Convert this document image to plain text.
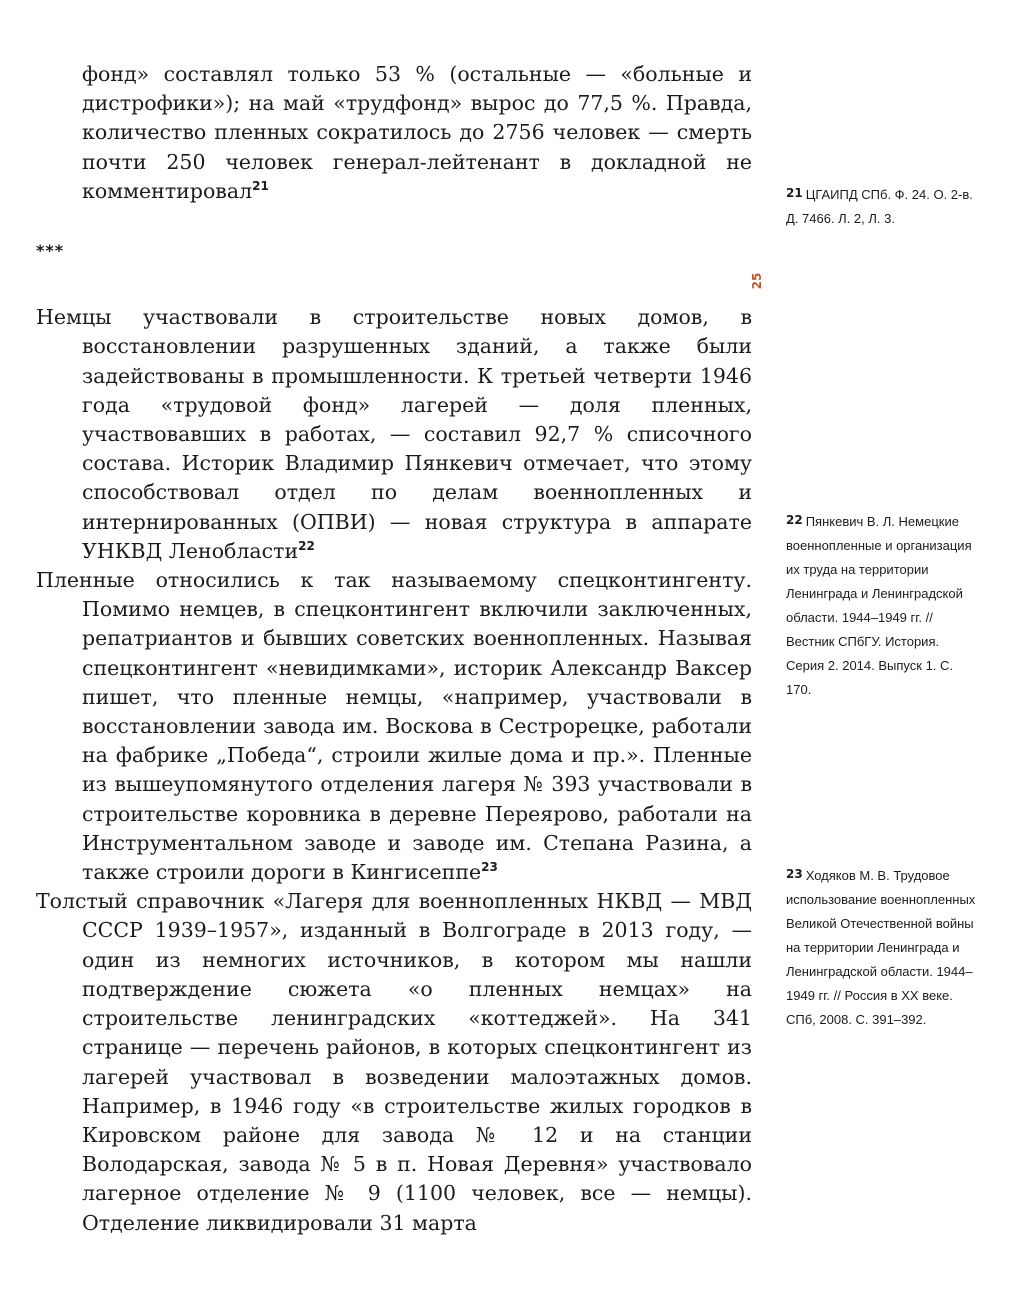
фонд» составлял только 53 % (остальные — «больные и дистрофики»); на май «трудфонд» вырос до 77,5 %. Правда, количество пленных сократилось до 2756 человек — смерть почти 250 человек генерал-лейтенант в докладной не комментировал$^{21}$

***

Немцы участвовали в строительстве новых домов, в восстановлении разрушенных зданий, а также были задействованы в промышленности. К третьей четверти 1946 года «трудовой фонд» лагерей — доля пленных, участвовавших в работах, — составил 92,7 % списочного состава. Историк Владимир Пянкевич отмечает, что этому способствовал отдел по делам военнопленных и интернированных (ОПВИ) — новая структура в аппарате УНКВД Ленобласти$^{22}$

Пленные относились к так называемому спецконтингенту. Помимо немцев, в спецконтингент включили заключенных, репатриантов и бывших советских военнопленных. Называя спецконтингент «невидимками», историк Александр Ваксер пишет, что пленные немцы, «например, участвовали в восстановлении завода им. Воскова в Сестрорецке, работали на фабрике „Победа“, строили жилые дома и пр.». Пленные из вышеупомянутого отделения лагеря № 393 участвовали в строительстве коровника в деревне Переярово, работали на Инструментальном заводе и заводе им. Степана Разина, а также строили дороги в Кингисеппе$^{23}$

Толстый справочник «Лагеря для военнопленных НКВД — МВД СССР 1939–1957», изданный в Волгограде в 2013 году, — один из немногих источников, в котором мы нашли подтверждение сюжета «о пленных немцах» на строительстве ленинградских «коттеджей». На 341 странице — перечень районов, в которых спецконтингент из лагерей участвовал в возведении малоэтажных домов. Например, в 1946 году «в строительстве жилых городков в Кировском районе для завода № 12 и на станции Володарская, завода № 5 в п. Новая Деревня» участвовало лагерное отделение № 9 (1100 человек, все — немцы). Отделение ликвидировали 31 марта

25
21 ЦГАИПД СПб. Ф. 24. О. 2-в. Д. 7466. Л. 2, Л. 3.
22 Пянкевич В. Л. Немецкие военнопленные и организация их труда на территории Ленинграда и Ленинградской области. 1944–1949 гг. // Вестник СПбГУ. История. Серия 2. 2014. Выпуск 1. С. 170.
23 Ходяков М. В. Трудовое использование военнопленных Великой Отечественной войны на территории Ленинграда и Ленинградской области. 1944–1949 гг. // Россия в XX веке. СПб, 2008. С. 391–392.
